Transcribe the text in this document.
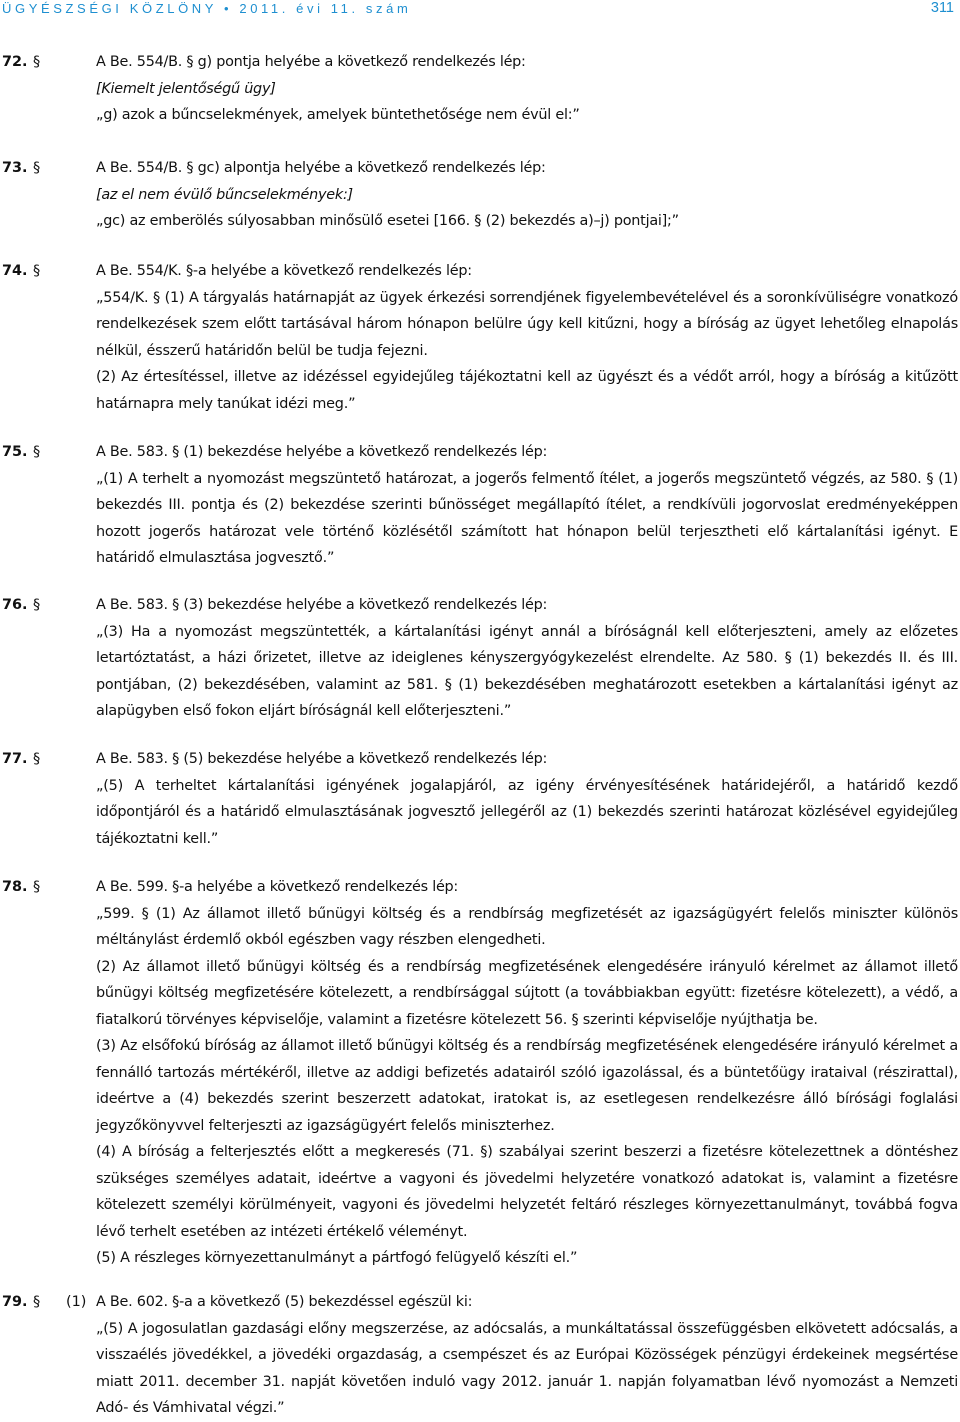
ÜGYÉSZSÉGI KÖZLÖNY • 2011. évi 11. szám	311
72. §	A Be. 554/B. § g) pontja helyébe a következő rendelkezés lép:

[Kiemelt jelentőségű ügy]

„g) azok a bűncselekmények, amelyek büntethetősége nem évül el:”

73. §	A Be. 554/B. § gc) alpontja helyébe a következő rendelkezés lép:

[az el nem évülő bűncselekmények:]

„gc) az emberölés súlyosabban minősülő esetei [166. § (2) bekezdés a)–j) pontjai];”

74. §	A Be. 554/K. §-a helyébe a következő rendelkezés lép:

„554/K. § (1) A tárgyalás határnapját az ügyek érkezési sorrendjének figyelembevételével és a soronkívüliségre vonatkozó rendelkezések szem előtt tartásával három hónapon belülre úgy kell kitűzni, hogy a bíróság az ügyet lehetőleg elnapolás nélkül, ésszerű határidőn belül be tudja fejezni.

(2) Az értesítéssel, illetve az idézéssel egyidejűleg tájékoztatni kell az ügyészt és a védőt arról, hogy a bíróság a kitűzött határnapra mely tanúkat idézi meg.”

75. §	A Be. 583. § (1) bekezdése helyébe a következő rendelkezés lép:

„(1) A terhelt a nyomozást megszüntető határozat, a jogerős felmentő ítélet, a jogerős megszüntető végzés, az 580. § (1) bekezdés III. pontja és (2) bekezdése szerinti bűnösséget megállapító ítélet, a rendkívüli jogorvoslat eredményeképpen hozott jogerős határozat vele történő közlésétől számított hat hónapon belül terjesztheti elő kártalanítási igényt. E határidő elmulasztása jogvesztő.”

76. §	A Be. 583. § (3) bekezdése helyébe a következő rendelkezés lép:

„(3) Ha a nyomozást megszüntették, a kártalanítási igényt annál a bíróságnál kell előterjeszteni, amely az előzetes letartóztatást, a házi őrizetet, illetve az ideiglenes kényszergyógykezelést elrendelte. Az 580. § (1) bekezdés II. és III. pontjában, (2) bekezdésében, valamint az 581. § (1) bekezdésében meghatározott esetekben a kártalanítási igényt az alapügyben első fokon eljárt bíróságnál kell előterjeszteni.”

77. §	A Be. 583. § (5) bekezdése helyébe a következő rendelkezés lép:

„(5) A terheltet kártalanítási igényének jogalapjáról, az igény érvényesítésének határidejéről, a határidő kezdő időpontjáról és a határidő elmulasztásának jogvesztő jellegéről az (1) bekezdés szerinti határozat közlésével egyidejűleg tájékoztatni kell.”

78. §	A Be. 599. §-a helyébe a következő rendelkezés lép:

„599. § (1) Az államot illető bűnügyi költség és a rendbírság megfizetését az igazságügyért felelős miniszter különös méltánylást érdemlő okból egészben vagy részben elengedheti.

(2) Az államot illető bűnügyi költség és a rendbírság megfizetésének elengedésére irányuló kérelmet az államot illető bűnügyi költség megfizetésére kötelezett, a rendbírsággal sújtott (a továbbiakban együtt: fizetésre kötelezett), a védő, a fiatalkorú törvényes képviselője, valamint a fizetésre kötelezett 56. § szerinti képviselője nyújthatja be.

(3) Az elsőfokú bíróság az államot illető bűnügyi költség és a rendbírság megfizetésének elengedésére irányuló kérelmet a fennálló tartozás mértékéről, illetve az addigi befizetés adatairól szóló igazolással, és a büntetőügy irataival (részirattal), ideértve a (4) bekezdés szerint beszerzett adatokat, iratokat is, az esetlegesen rendelkezésre álló bírósági foglalási jegyzőkönyvvel felterjeszti az igazságügyért felelős miniszterhez.

(4) A bíróság a felterjesztés előtt a megkeresés (71. §) szabályai szerint beszerzi a fizetésre kötelezettnek a döntéshez szükséges személyes adatait, ideértve a vagyoni és jövedelmi helyzetére vonatkozó adatokat is, valamint a fizetésre kötelezett személyi körülményeit, vagyoni és jövedelmi helyzetét feltáró részleges környezettanulmányt, továbbá fogva lévő terhelt esetében az intézeti értékelő véleményt.

(5) A részleges környezettanulmányt a pártfogó felügyelő készíti el.”

79. § (1) A Be. 602. §-a a következő (5) bekezdéssel egészül ki:

„(5) A jogosulatlan gazdasági előny megszerzése, az adócsalás, a munkáltatással összefüggésben elkövetett adócsalás, a visszaélés jövedékkel, a jövedéki orgazdaság, a csempészet és az Európai Közösségek pénzügyi érdekeinek megsértése miatt 2011. december 31. napját követően induló vagy 2012. január 1. napján folyamatban lévő nyomozást a Nemzeti Adó- és Vámhivatal végzi.”
